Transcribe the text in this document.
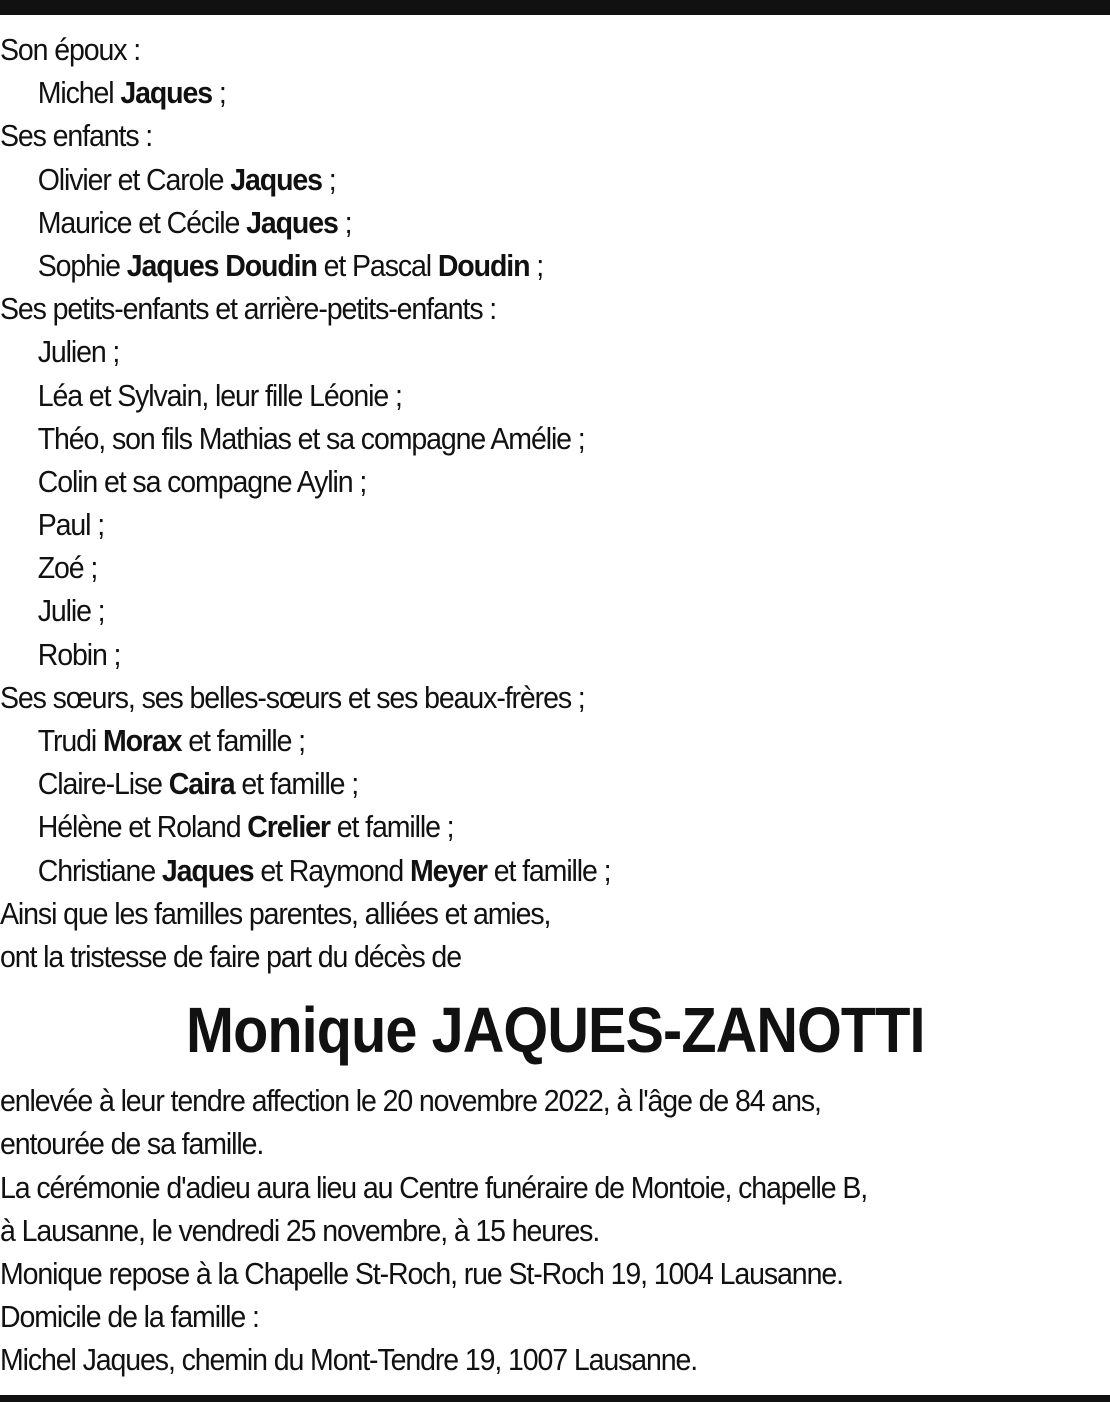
Son époux :
Michel Jaques ;
Ses enfants :
Olivier et Carole Jaques ;
Maurice et Cécile Jaques ;
Sophie Jaques Doudin et Pascal Doudin ;
Ses petits-enfants et arrière-petits-enfants :
Julien ;
Léa et Sylvain, leur fille Léonie ;
Théo, son fils Mathias et sa compagne Amélie ;
Colin et sa compagne Aylin ;
Paul ;
Zoé ;
Julie ;
Robin ;
Ses sœurs, ses belles-sœurs et ses beaux-frères ;
Trudi Morax et famille ;
Claire-Lise Caira et famille ;
Hélène et Roland Crelier et famille ;
Christiane Jaques et Raymond Meyer et famille ;
Ainsi que les familles parentes, alliées et amies,
ont la tristesse de faire part du décès de
Monique JAQUES-ZANOTTI
enlevée à leur tendre affection le 20 novembre 2022, à l'âge de 84 ans,
entourée de sa famille.
La cérémonie d'adieu aura lieu au Centre funéraire de Montoie, chapelle B,
à Lausanne, le vendredi 25 novembre, à 15 heures.
Monique repose à la Chapelle St-Roch, rue St-Roch 19, 1004 Lausanne.
Domicile de la famille :
Michel Jaques, chemin du Mont-Tendre 19, 1007 Lausanne.
